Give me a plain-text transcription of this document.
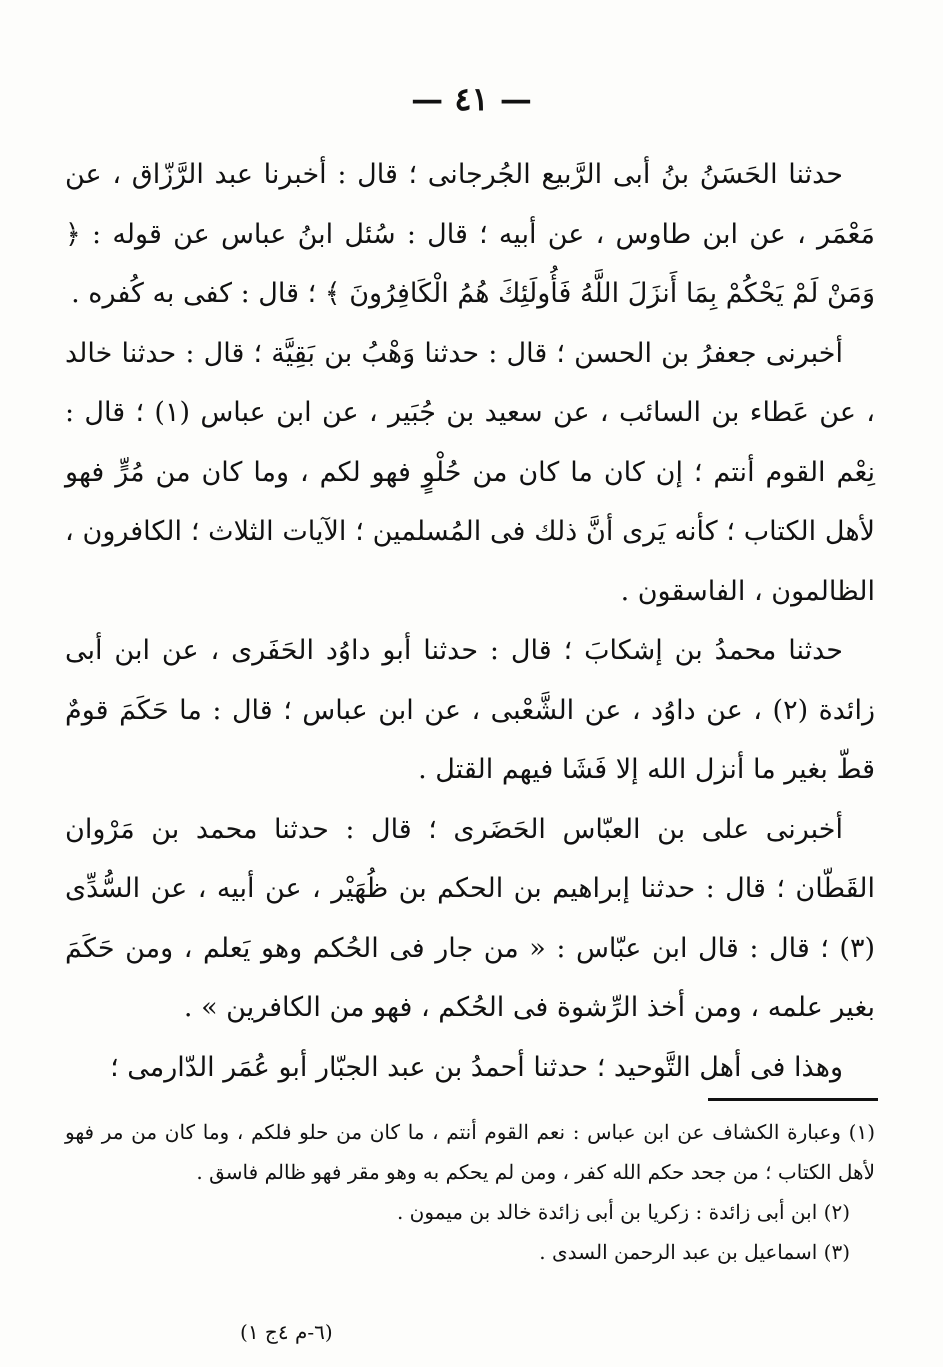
— ٤١ —

حدثنا الحَسَنُ بنُ أبى الرَّبيع الجُرجانى ؛ قال : أخبرنا عبد الرَّزّاق ، عن مَعْمَر ، عن ابن طاوس ، عن أبيه ؛ قال : سُئل ابنُ عباس عن قوله : ﴿ وَمَنْ لَمْ يَحْكُمْ بِمَا أَنزَلَ اللَّهُ فَأُولَئِكَ هُمُ الْكَافِرُونَ ﴾ ؛ قال : كفى به كُفره .

أخبرنى جعفرُ بن الحسن ؛ قال : حدثنا وَهْبُ بن بَقِيَّة ؛ قال : حدثنا خالد ، عن عَطاء بن السائب ، عن سعيد بن جُبَير ، عن ابن عباس (١) ؛ قال : نِعْم القوم أنتم ؛ إن كان ما كان من حُلْوٍ فهو لكم ، وما كان من مُرٍّ فهو لأهل الكتاب ؛ كأنه يَرى أنَّ ذلك فى المُسلمين ؛ الآيات الثلاث ؛ الكافرون ، الظالمون ، الفاسقون .

حدثنا محمدُ بن إشكابَ ؛ قال : حدثنا أبو داوُد الحَفَرى ، عن ابن أبى زائدة (٢) ، عن داوُد ، عن الشَّعْبى ، عن ابن عباس ؛ قال : ما حَكَمَ قومٌ قطّ بغير ما أنزل الله إلا فَشَا فيهم القتل .

أخبرنى على بن العبّاس الحَضَرى ؛ قال : حدثنا محمد بن مَرْوان القَطّان ؛ قال : حدثنا إبراهيم بن الحكم بن ظُهَيْر ، عن أبيه ، عن السُّدِّى (٣) ؛ قال : قال ابن عبّاس : « من جار فى الحُكم وهو يَعلم ، ومن حَكَمَ بغير علمه ، ومن أخذ الرِّشوة فى الحُكم ، فهو من الكافرين » .

وهذا فى أهل التَّوحيد ؛ حدثنا أحمدُ بن عبد الجبّار أبو عُمَر الدّارمى ؛

(١) وعبارة الكشاف عن ابن عباس : نعم القوم أنتم ، ما كان من حلو فلكم ، وما كان من مر فهو لأهل الكتاب ؛ من جحد حكم الله كفر ، ومن لم يحكم به وهو مقر فهو ظالم فاسق .

(٢) ابن أبى زائدة : زكريا بن أبى زائدة خالد بن ميمون .

(٣) اسماعيل بن عبد الرحمن السدى .

(٦-م ٤ج ١)
